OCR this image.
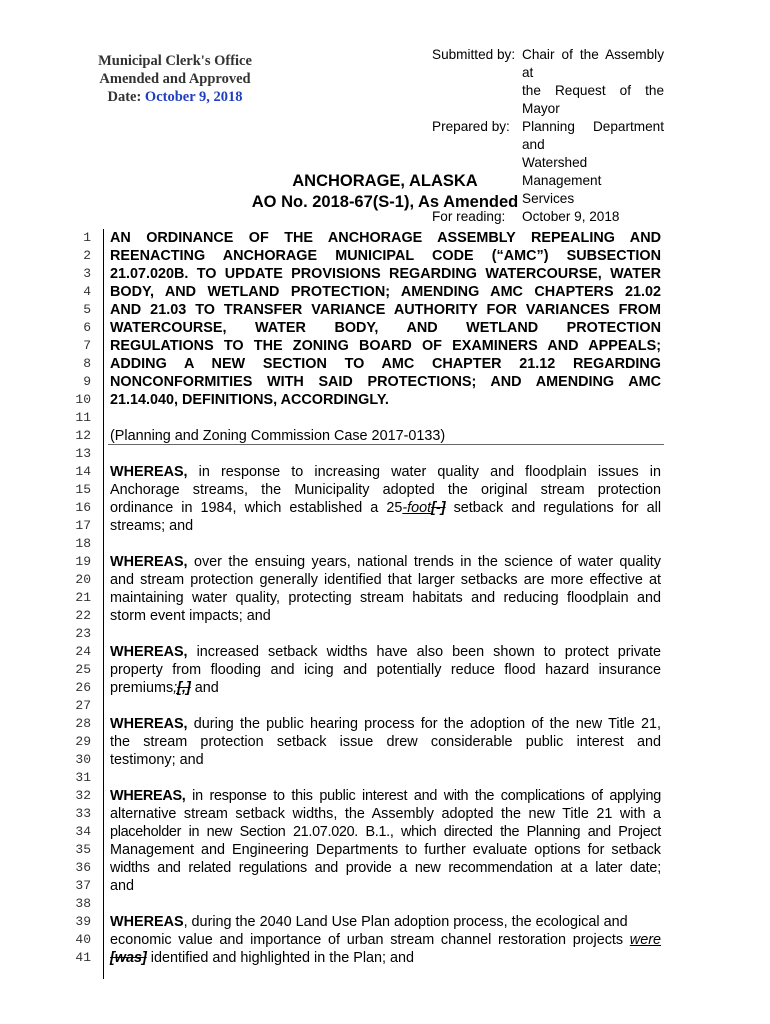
Municipal Clerk's Office
Amended and Approved
Date: October 9, 2018
Submitted by: Chair of the Assembly at
the Request of the Mayor
Prepared by: Planning Department and
Watershed Management
Services
For reading:	October 9, 2018
ANCHORAGE, ALASKA
AO No. 2018-67(S-1), As Amended
1 AN ORDINANCE OF THE ANCHORAGE ASSEMBLY REPEALING AND
2 REENACTING ANCHORAGE MUNICIPAL CODE (“AMC”) SUBSECTION
3 21.07.020B. TO UPDATE PROVISIONS REGARDING WATERCOURSE, WATER
4 BODY, AND WETLAND PROTECTION; AMENDING AMC CHAPTERS 21.02
5 AND 21.03 TO TRANSFER VARIANCE AUTHORITY FOR VARIANCES FROM
6 WATERCOURSE, WATER BODY, AND WETLAND PROTECTION
7 REGULATIONS TO THE ZONING BOARD OF EXAMINERS AND APPEALS;
8 ADDING A NEW SECTION TO AMC CHAPTER 21.12 REGARDING
9 NONCONFORMITIES WITH SAID PROTECTIONS; AND AMENDING AMC
10 21.14.040, DEFINITIONS, ACCORDINGLY.
11
12 (Planning and Zoning Commission Case 2017-0133)
13
14 WHEREAS, in response to increasing water quality and floodplain issues in
15 Anchorage streams, the Municipality adopted the original stream protection
16 ordinance in 1984, which established a 25-foot[-] setback and regulations for all
17 streams; and
18
19 WHEREAS, over the ensuing years, national trends in the science of water quality
20 and stream protection generally identified that larger setbacks are more effective at
21 maintaining water quality, protecting stream habitats and reducing floodplain and
22 storm event impacts; and
23
24 WHEREAS, increased setback widths have also been shown to protect private
25 property from flooding and icing and potentially reduce flood hazard insurance
26 premiums;[,] and
27
28 WHEREAS, during the public hearing process for the adoption of the new Title 21,
29 the stream protection setback issue drew considerable public interest and
30 testimony; and
31
32 WHEREAS, in response to this public interest and with the complications of applying
33 alternative stream setback widths, the Assembly adopted the new Title 21 with a
34 placeholder in new Section 21.07.020. B.1., which directed the Planning and Project
35 Management and Engineering Departments to further evaluate options for setback
36 widths and related regulations and provide a new recommendation at a later date;
37 and
38
39 WHEREAS, during the 2040 Land Use Plan adoption process, the ecological and
40 economic value and importance of urban stream channel restoration projects were
41 [was] identified and highlighted in the Plan; and
